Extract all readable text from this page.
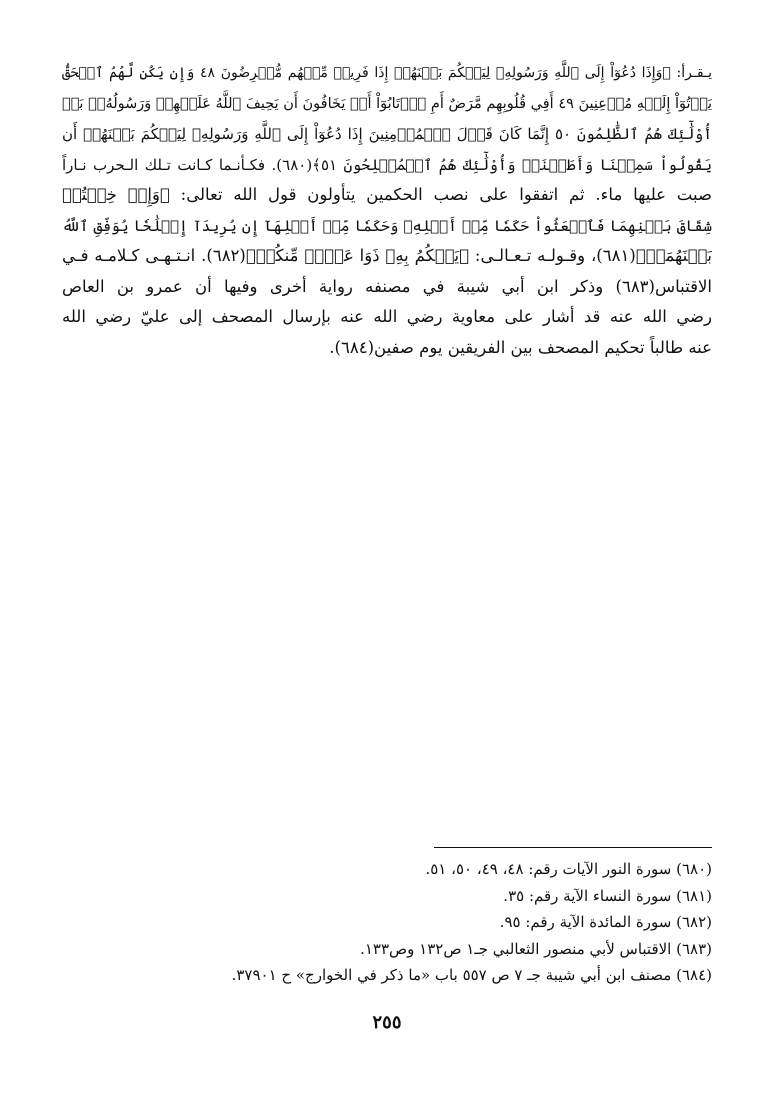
يـقـرأ: ﴿وَإِذَا دُعُوٓاْ إِلَى ٱللَّهِ وَرَسُولِهِۦ لِيَحۡكُمَ بَيۡنَهُمۡ إِذَا فَرِيقٞ مِّنۡهُم مُّعۡرِضُونَ ٤٨ وَإِن يَكُن لَّهُمُ ٱلۡحَقُّ
يَأۡتُوٓاْ إِلَيۡهِ مُذۡعِنِينَ ٤٩ أَفِي قُلُوبِهِم مَّرَضٌ أَمِ ٱرۡتَابُوٓاْ أَمۡ يَخَافُونَ أَن يَحِيفَ ٱللَّهُ عَلَيۡهِمۡ وَرَسُولُهُۥۚ بَلۡ
أُوْلَٰٓئِكَ هُمُ ٱلظَّٰلِمُونَ ٥٠ إِنَّمَا كَانَ قَوۡلَ ٱلۡمُؤۡمِنِينَ إِذَا دُعُوٓاْ إِلَى ٱللَّهِ وَرَسُولِهِۦ لِيَحۡكُمَ بَيۡنَهُمۡ أَن
يَقُولُواْ سَمِعۡنَا وَأَطَعۡنَاۚ وَأُوْلَٰٓئِكَ هُمُ ٱلۡمُفۡلِحُونَ ٥١﴾(٦٨٠). فكـأنـما كـانت تـلك الـحرب نـاراً
صبت عليها ماء. ثم اتفقوا على نصب الحكمين يتأولون قول الله تعالى: ﴿وَإِنۡ خِفۡتُمۡ
شِقَاقَ بَيۡنِهِمَا فَٱبۡعَثُواْ حَكَمٗا مِّنۡ أَهۡلِهِۦ وَحَكَمٗا مِّنۡ أَهۡلِهَآ إِن يُرِيدَآ إِصۡلَٰحٗا يُوَفِّقِ ٱللَّهُ
بَيۡنَهُمَآۗ﴾(٦٨١)، وقـولـه تـعـالـى: ﴿يَحۡكُمُ بِهِۦ ذَوَا عَدۡلٖ مِّنكُمۡ﴾(٦٨٢). انـتـهـى كـلامـه فـي
الاقتباس(٦٨٣) وذكر ابن أبي شيبة في مصنفه رواية أخرى وفيها أن عمرو بن العاص
رضي الله عنه قد أشار على معاوية رضي الله عنه بإرسال المصحف إلى عليّ رضي الله
عنه طالباً تحكيم المصحف بين الفريقين يوم صفين(٦٨٤).
(٦٨٠) سورة النور الآيات رقم: ٤٨، ٤٩، ٥٠، ٥١.
(٦٨١) سورة النساء الآية رقم: ٣٥.
(٦٨٢) سورة المائدة الآية رقم: ٩٥.
(٦٨٣) الاقتباس لأبي منصور الثعالبي جـ١ ص١٣٢ وص١٣٣.
(٦٨٤) مصنف ابن أبي شيبة جـ ٧ ص ٥٥٧ باب «ما ذكر في الخوارج» ح ٣٧٩٠١.
٢٥٥
